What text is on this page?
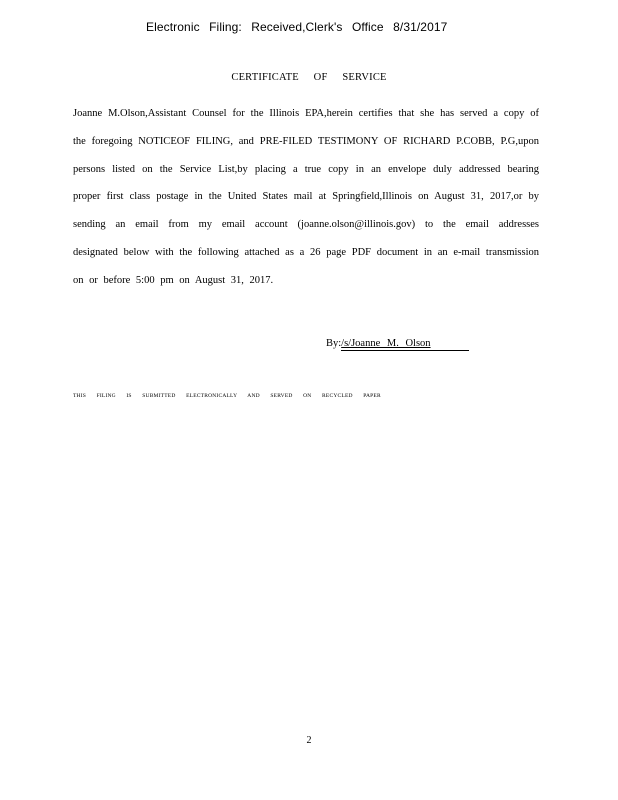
Electronic Filing: Received,Clerk's Office 8/31/2017
CERTIFICATE OF SERVICE
Joanne M.Olson,Assistant Counsel for the Illinois EPA,herein certifies that she has served a copy of the foregoing NOTICEOF FILING, and PRE-FILED TESTIMONY OF RICHARD P.COBB, P.G,upon persons listed on the Service List,by placing a true copy in an envelope duly addressed bearing proper first class postage in the United States mail at Springfield,Illinois on August 31, 2017,or by sending an email from my email account (joanne.olson@illinois.gov) to the email addresses designated below with the following attached as a 26 page PDF document in an e-mail transmission on or before 5:00 pm on August 31, 2017.
By:/s/Joanne M. Olson
THIS FILING IS SUBMITTED ELECTRONICALLY AND SERVED ON RECYCLED PAPER
2
